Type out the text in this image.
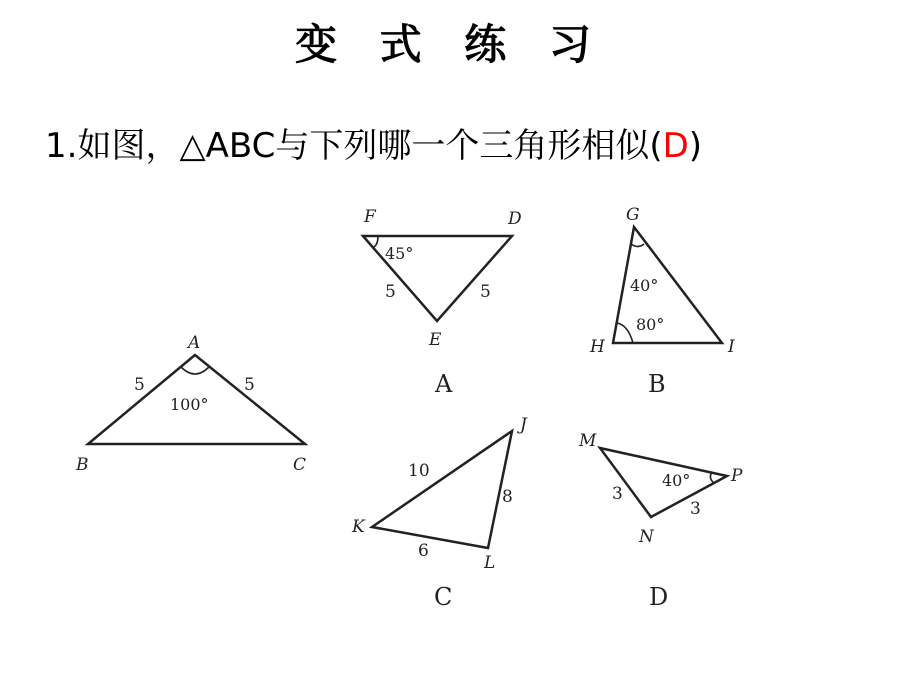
变 式 练 习
1.如图，△ABC与下列哪一个三角形相似(D)
A
B	C
5	5
100°
F	D
E
5	5
45°
A
G
H	I
40°
80°
B
J
K
L
10
8
6
C
M
N
P
3
3
40°
D
